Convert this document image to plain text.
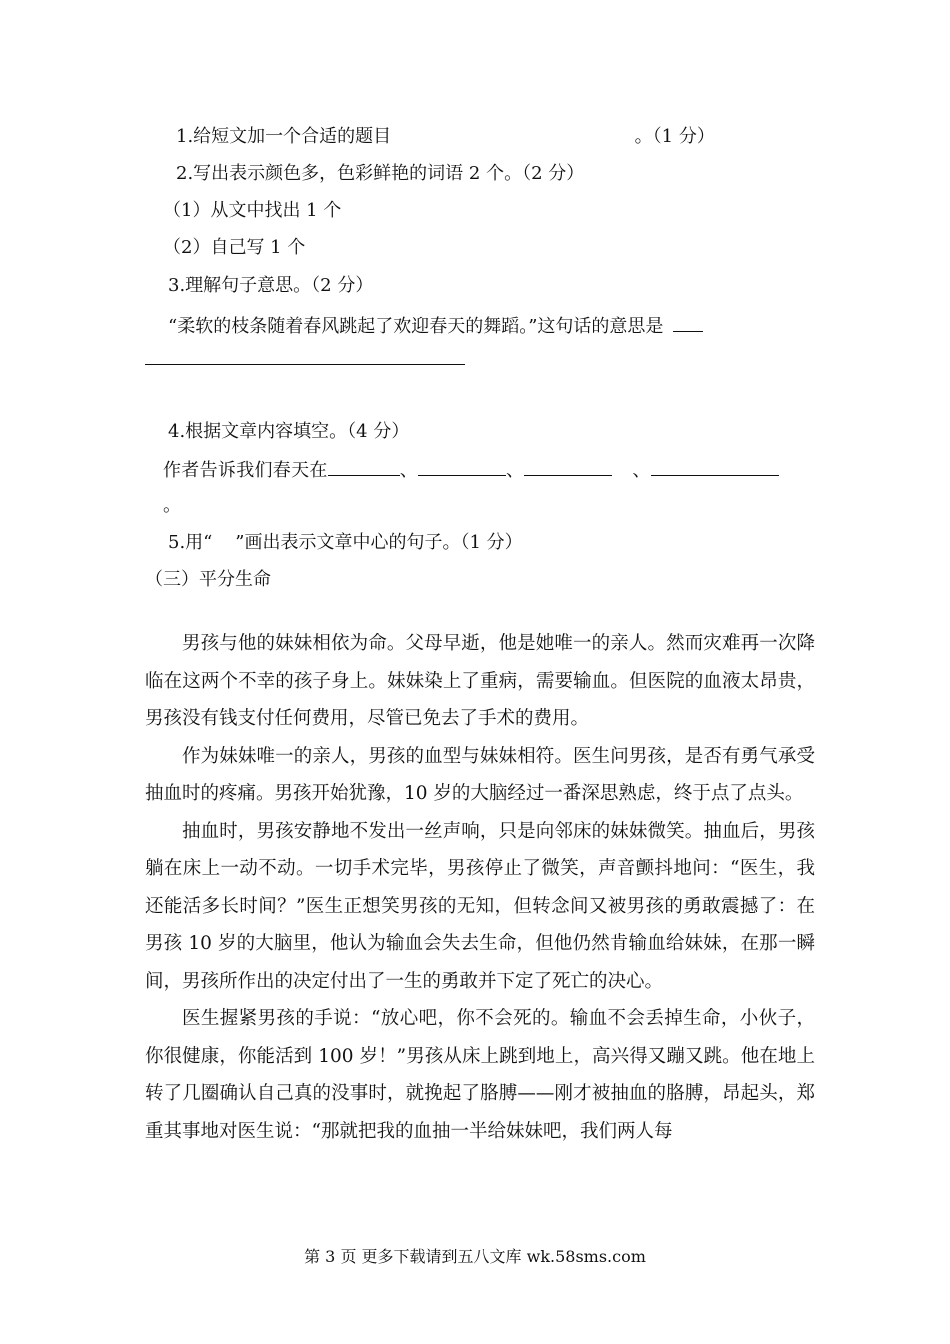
1.给短文加一个合适的题目	。（1 分）
2.写出表示颜色多，色彩鲜艳的词语 2 个。（2 分）
（1）从文中找出 1 个
（2）自己写 1 个
3.理解句子意思。（2 分）
“柔软的枝条随着春风跳起了欢迎春天的舞蹈。”这句话的意思是
4.根据文章内容填空。（4 分）
作者告诉我们春天在	、	、	、
。
5.用“    ”画出表示文章中心的句子。（1 分）
（三）平分生命

男孩与他的妹妹相依为命。父母早逝，他是她唯一的亲人。然而灾难再一次降临在这两个不幸的孩子身上。妹妹染上了重病，需要输血。但医院的血液太昂贵，男孩没有钱支付任何费用，尽管已免去了手术的费用。

作为妹妹唯一的亲人，男孩的血型与妹妹相符。医生问男孩，是否有勇气承受抽血时的疼痛。男孩开始犹豫，10 岁的大脑经过一番深思熟虑，终于点了点头。

抽血时，男孩安静地不发出一丝声响，只是向邻床的妹妹微笑。抽血后，男孩躺在床上一动不动。一切手术完毕，男孩停止了微笑，声音颤抖地问：“医生，我还能活多长时间？”医生正想笑男孩的无知，但转念间又被男孩的勇敢震撼了：在男孩 10 岁的大脑里，他认为输血会失去生命，但他仍然肯输血给妹妹，在那一瞬间，男孩所作出的决定付出了一生的勇敢并下定了死亡的决心。

医生握紧男孩的手说：“放心吧，你不会死的。输血不会丢掉生命，小伙子，你很健康，你能活到 100 岁！”男孩从床上跳到地上，高兴得又蹦又跳。他在地上转了几圈确认自己真的没事时，就挽起了胳膊——刚才被抽血的胳膊，昂起头，郑重其事地对医生说：“那就把我的血抽一半给妹妹吧，我们两人每

第 3 页 更多下载请到五八文库 wk.58sms.com
